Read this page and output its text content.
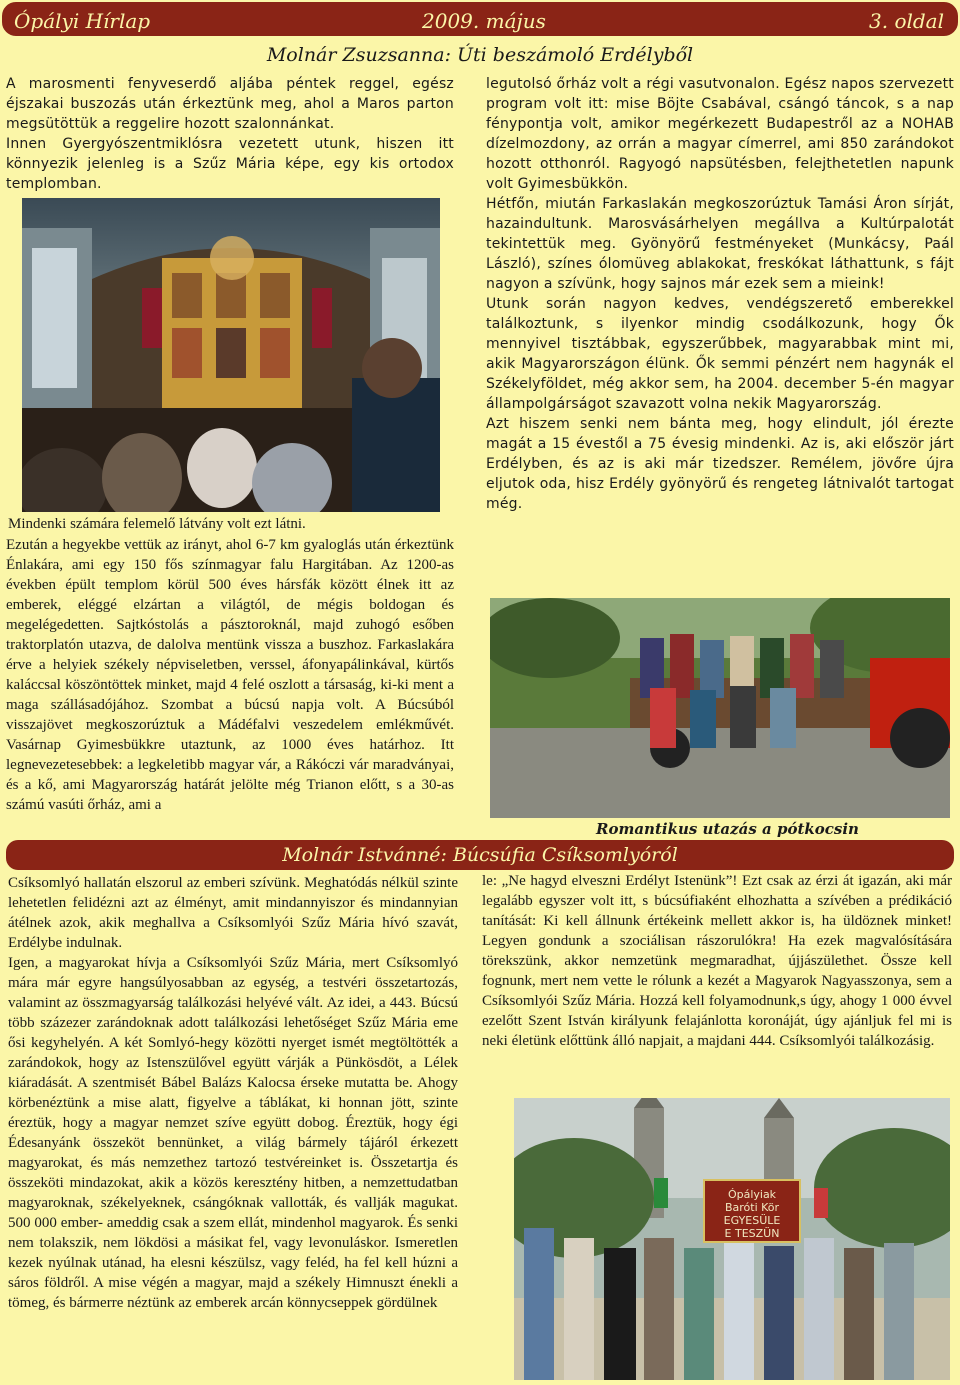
Ópályi Hírlap	2009. május	3. oldal
Molnár Zsuzsanna: Úti beszámoló Erdélyből

A marosmenti fenyveserdő aljába péntek reggel, egész éjszakai buszozás után érkeztünk meg, ahol a Maros parton megsütöttük a reggelire hozott szalonnánkat.

Innen Gyergyószentmiklósra vezetett utunk, hiszen itt könnyezik jelenleg is a Szűz Mária képe, egy kis ortodox templomban.

Mindenki számára felemelő látvány volt ezt látni.

Ezután a hegyekbe vettük az irányt, ahol 6-7 km gyaloglás után érkeztünk Énlakára, ami egy 150 fős színmagyar falu Hargitában. Az 1200-as években épült templom körül 500 éves hársfák között élnek itt az emberek, eléggé elzártan a világtól, de mégis boldogan és megelégedetten. Sajtkóstolás a pásztoroknál, majd zuhogó esőben traktorplatón utazva, de dalolva mentünk vissza a buszhoz. Farkaslakára érve a helyiek székely népviseletben, verssel, áfonyapálinkával, kürtős kaláccsal köszöntöttek minket, majd 4 felé oszlott a társaság, ki-ki ment a maga szállásadójához. Szombat a búcsú napja volt. A Búcsúból visszajövet megkoszorúztuk a Mádéfalvi veszedelem emlékművét. Vasárnap Gyimesbükkre utaztunk, az 1000 éves határhoz. Itt legnevezetesebbek: a legkeletibb magyar vár, a Rákóczi vár maradványai, és a kő, ami Magyarország határát jelölte még Trianon előtt, s a 30-as számú vasúti őrház, ami a

legutolsó őrház volt a régi vasutvonalon. Egész napos szervezett program volt itt: mise Böjte Csabával, csángó táncok, s a nap fénypontja volt, amikor megérkezett Budapestről az a NOHAB dízelmozdony, az orrán a magyar címerrel, ami 850 zarándokot hozott otthonról. Ragyogó napsütésben, felejthetetlen napunk volt Gyimesbükkön.

Hétfőn, miután Farkaslakán megkoszorúztuk Tamási Áron sírját, hazaindultunk. Marosvásárhelyen megállva a Kultúrpalotát tekintettük meg. Gyönyörű festményeket (Munkácsy, Paál László), színes ólomüveg ablakokat, freskókat láthattunk, s fájt nagyon a szívünk, hogy sajnos már ezek sem a mieink!

Utunk során nagyon kedves, vendégszerető emberekkel találkoztunk, s ilyenkor mindig csodálkozunk, hogy Ők mennyivel tisztábbak, egyszerűbbek, magyarabbak mint mi, akik Magyarországon élünk. Ők semmi pénzért nem hagynák el Székelyföldet, még akkor sem, ha 2004. december 5-én magyar állampolgárságot szavazott volna nekik Magyarország.

Azt hiszem senki nem bánta meg, hogy elindult, jól érezte magát a 15 évestől a 75 évesig mindenki. Az is, aki először járt Erdélyben, és az is aki már tizedszer. Remélem, jövőre újra eljutok oda, hisz Erdély gyönyörű és rengeteg látnivalót tartogat még.

Romantikus utazás a pótkocsin
Molnár Istvánné: Búcsúfia Csíksomlyóról

Csíksomlyó hallatán elszorul az emberi szívünk. Meghatódás nélkül szinte lehetetlen felidézni azt az élményt, amit mindannyiszor és mindannyian átélnek azok, akik meghallva a Csíksomlyói Szűz Mária hívó szavát, Erdélybe indulnak.

Igen, a magyarokat hívja a Csíksomlyói Szűz Mária, mert Csíksomlyó mára már egyre hangsúlyosabban az egység, a testvéri összetartozás, valamint az összmagyarság találkozási helyévé vált. Az idei, a 443. Búcsú több százezer zarándoknak adott találkozási lehetőséget Szűz Mária eme ősi kegyhelyén. A két Somlyó-hegy közötti nyerget ismét megtöltötték a zarándokok, hogy az Istenszülővel együtt várják a Pünkösdöt, a Lélek kiáradását. A szentmisét Bábel Balázs Kalocsa érseke mutatta be. Ahogy körbenéztünk a mise alatt, figyelve a táblákat, ki honnan jött, szinte éreztük, hogy a magyar nemzet szíve együtt dobog. Éreztük, hogy égi Édesanyánk összeköt bennünket, a világ bármely tájáról érkezett magyarokat, és más nemzethez tartozó testvéreinket is. Összetartja és összeköti mindazokat, akik a közös keresztény hitben, a nemzettudatban magyaroknak, székelyeknek, csángóknak vallották, és vallják magukat. 500 000 ember- ameddig csak a szem ellát, mindenhol magyarok. És senki nem tolakszik, nem lökdösi a másikat fel, vagy levonuláskor. Ismeretlen kezek nyúlnak utánad, ha elesni készülsz, vagy feléd, ha fel kell húzni a sáros földről. A mise végén a magyar, majd a székely Himnuszt énekli a tömeg, és bármerre néztünk az emberek arcán könnycseppek gördülnek

le: „Ne hagyd elveszni Erdélyt Istenünk”! Ezt csak az érzi át igazán, aki már legalább egyszer volt itt, s búcsúfiaként elhozhatta a szívében a prédikáció tanítását: Ki kell állnunk értékeink mellett akkor is, ha üldöznek minket! Legyen gondunk a szociálisan rászorulókra! Ha ezek magvalósítására törekszünk, akkor nemzetünk megmaradhat, újjászülethet. Össze kell fognunk, mert nem vette le rólunk a kezét a Magyarok Nagyasszonya, sem a Csíksomlyói Szűz Mária. Hozzá kell folyamodnunk,s úgy, ahogy 1 000 évvel ezelőtt Szent István királyunk felajánlotta koronáját, úgy ajánljuk fel mi is neki életünk előttünk álló napjait, a majdani 444. Csíksomlyói találkozásig.

Ópályiak
Baróti Kör
EGYESÜLE
E TESZÜN
